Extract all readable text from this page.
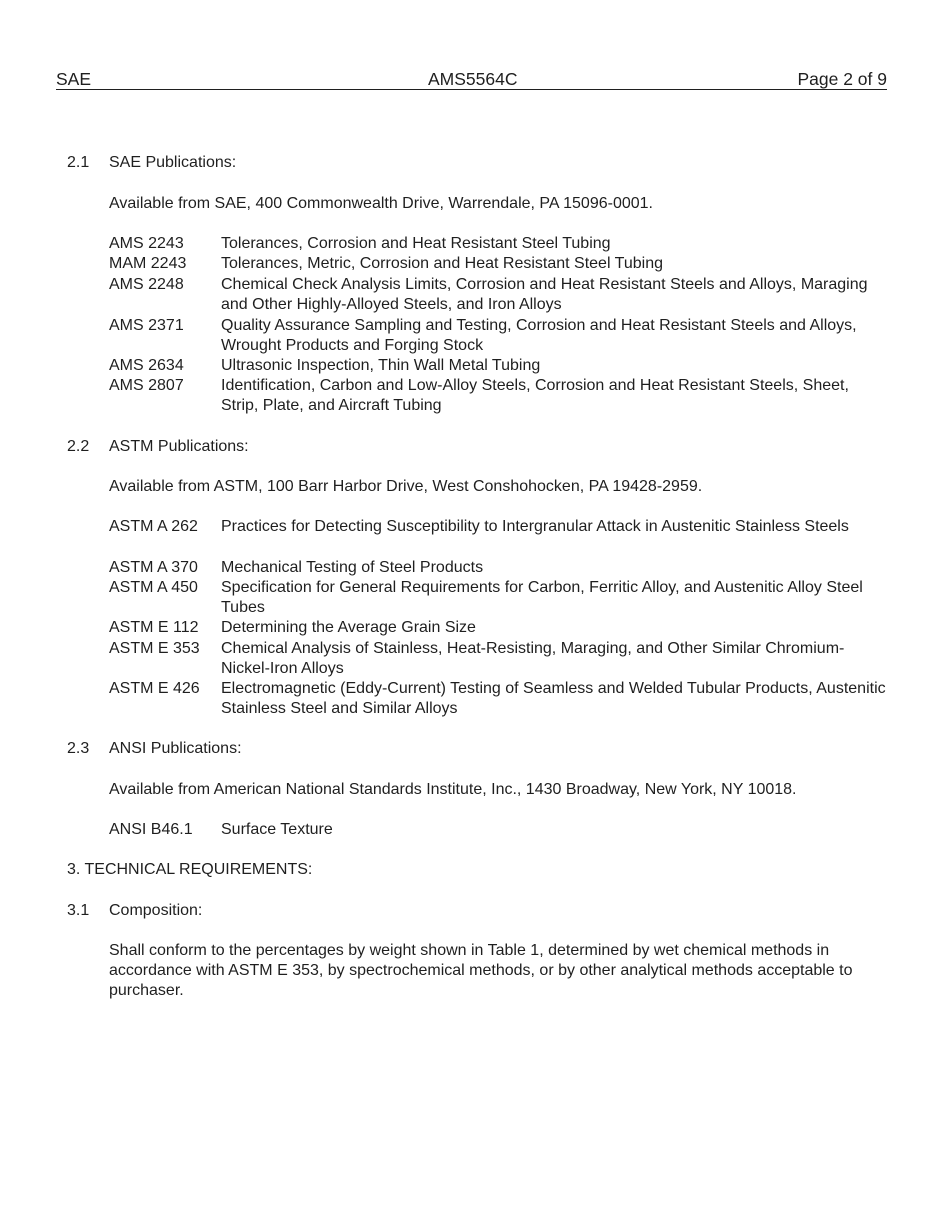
SAE	AMS5564C	Page 2 of 9
2.1 SAE Publications:
Available from SAE, 400 Commonwealth Drive, Warrendale, PA 15096-0001.
AMS 2243 Tolerances, Corrosion and Heat Resistant Steel Tubing
MAM 2243 Tolerances, Metric, Corrosion and Heat Resistant Steel Tubing
AMS 2248 Chemical Check Analysis Limits, Corrosion and Heat Resistant Steels and Alloys, Maraging and Other Highly-Alloyed Steels, and Iron Alloys
AMS 2371 Quality Assurance Sampling and Testing, Corrosion and Heat Resistant Steels and Alloys, Wrought Products and Forging Stock
AMS 2634 Ultrasonic Inspection, Thin Wall Metal Tubing
AMS 2807 Identification, Carbon and Low-Alloy Steels, Corrosion and Heat Resistant Steels, Sheet, Strip, Plate, and Aircraft Tubing
2.2 ASTM Publications:
Available from ASTM, 100 Barr Harbor Drive, West Conshohocken, PA 19428-2959.
ASTM A 262 Practices for Detecting Susceptibility to Intergranular Attack in Austenitic Stainless Steels
ASTM A 370 Mechanical Testing of Steel Products
ASTM A 450 Specification for General Requirements for Carbon, Ferritic Alloy, and Austenitic Alloy Steel Tubes
ASTM E 112 Determining the Average Grain Size
ASTM E 353 Chemical Analysis of Stainless, Heat-Resisting, Maraging, and Other Similar Chromium-Nickel-Iron Alloys
ASTM E 426 Electromagnetic (Eddy-Current) Testing of Seamless and Welded Tubular Products, Austenitic Stainless Steel and Similar Alloys
2.3 ANSI Publications:
Available from American National Standards Institute, Inc., 1430 Broadway, New York, NY 10018.
ANSI B46.1 Surface Texture
3. TECHNICAL REQUIREMENTS:
3.1 Composition:
Shall conform to the percentages by weight shown in Table 1, determined by wet chemical methods in accordance with ASTM E 353, by spectrochemical methods, or by other analytical methods acceptable to purchaser.
